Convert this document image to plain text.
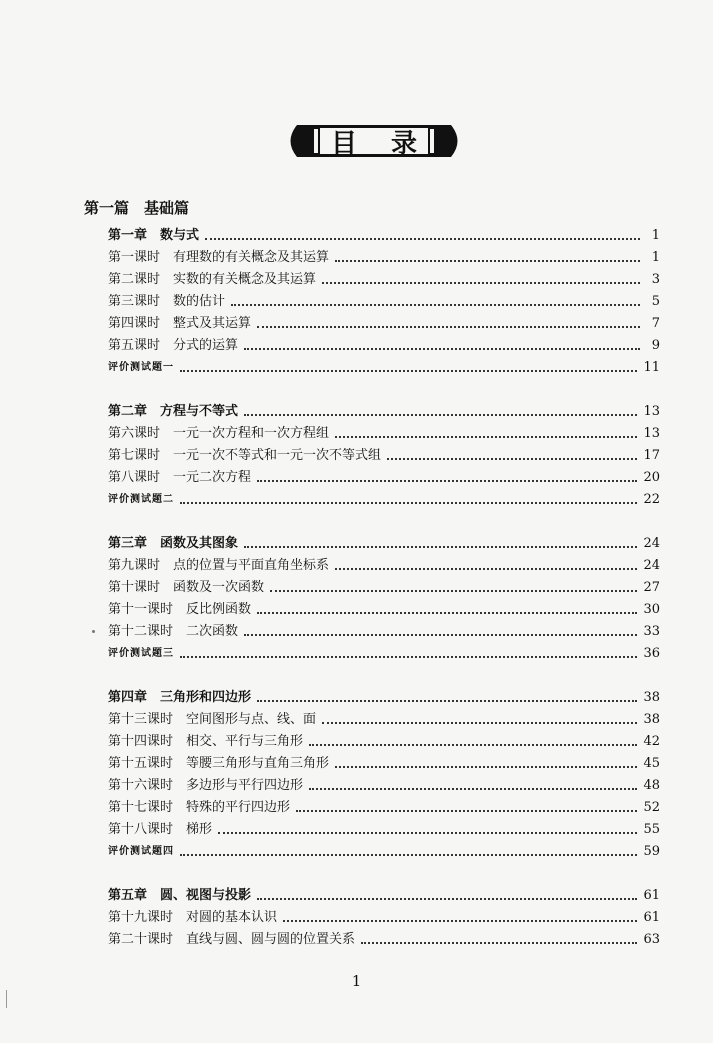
目录
第一篇　基础篇
第一章　数与式	1
第一课时　有理数的有关概念及其运算	1
第二课时　实数的有关概念及其运算	3
第三课时　数的估计	5
第四课时　整式及其运算	7
第五课时　分式的运算	9
评价测试题一	11
第二章　方程与不等式	13
第六课时　一元一次方程和一次方程组	13
第七课时　一元一次不等式和一元一次不等式组	17
第八课时　一元二次方程	20
评价测试题二	22
第三章　函数及其图象	24
第九课时　点的位置与平面直角坐标系	24
第十课时　函数及一次函数	27
第十一课时　反比例函数	30
第十二课时　二次函数	33
评价测试题三	36
第四章　三角形和四边形	38
第十三课时　空间图形与点、线、面	38
第十四课时　相交、平行与三角形	42
第十五课时　等腰三角形与直角三角形	45
第十六课时　多边形与平行四边形	48
第十七课时　特殊的平行四边形	52
第十八课时　梯形	55
评价测试题四	59
第五章　圆、视图与投影	61
第十九课时　对圆的基本认识	61
第二十课时　直线与圆、圆与圆的位置关系	63
1
